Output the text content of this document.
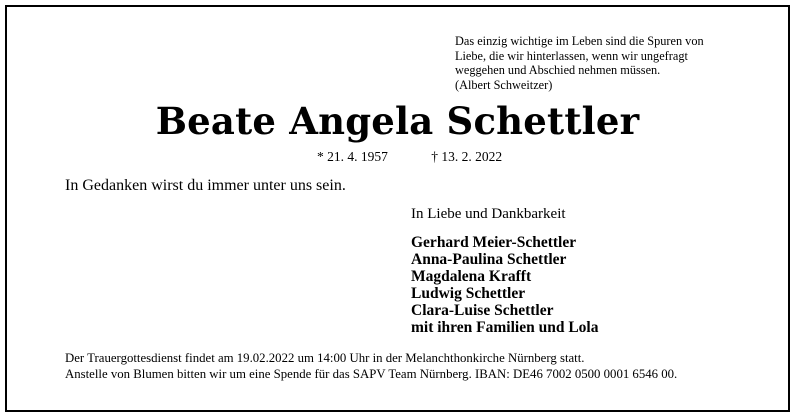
Das einzig wichtige im Leben sind die Spuren von
Liebe, die wir hinterlassen, wenn wir ungefragt
weggehen und Abschied nehmen müssen.
(Albert Schweitzer)
Beate Angela Schettler
* 21. 4. 1957	† 13. 2. 2022
In Gedanken wirst du immer unter uns sein.
In Liebe und Dankbarkeit
Gerhard Meier-Schettler
Anna-Paulina Schettler
Magdalena Krafft
Ludwig Schettler
Clara-Luise Schettler
mit ihren Familien und Lola
Der Trauergottesdienst findet am 19.02.2022 um 14:00 Uhr in der Melanchthonkirche Nürnberg statt.
Anstelle von Blumen bitten wir um eine Spende für das SAPV Team Nürnberg. IBAN: DE46 7002 0500 0001 6546 00.
